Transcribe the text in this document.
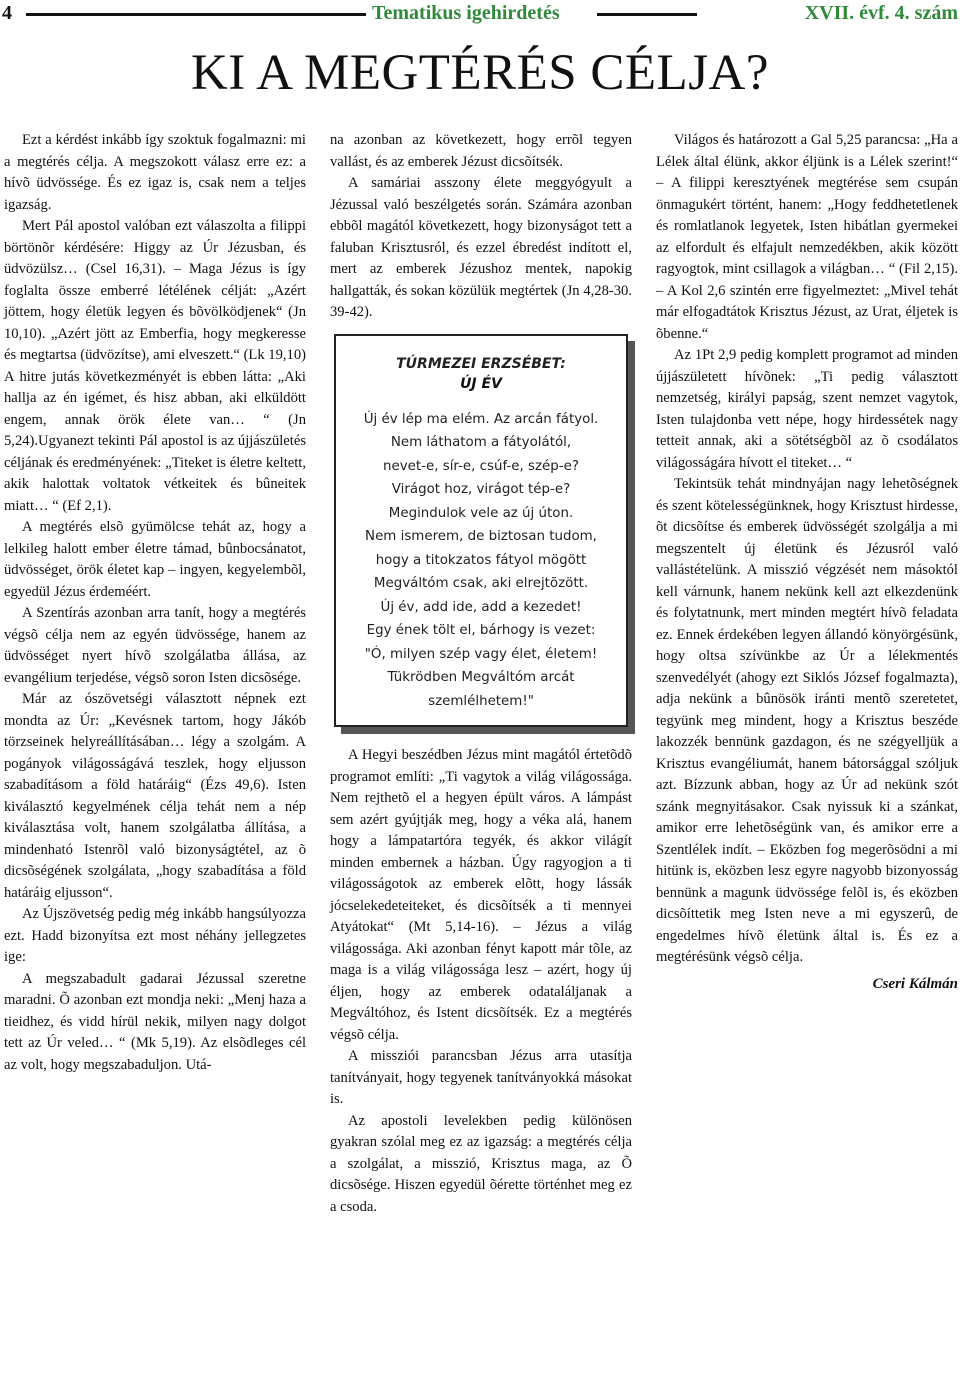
4	Tematikus igehirdetés	XVII. évf. 4. szám
KI A MEGTÉRÉS CÉLJA?

Ezt a kérdést inkább így szoktuk fogalmazni: mi a megtérés célja. A megszokott válasz erre ez: a hívõ üdvössége. És ez igaz is, csak nem a teljes igazság.

Mert Pál apostol valóban ezt válaszolta a filippi börtönõr kérdésére: Higgy az Úr Jézusban, és üdvözülsz… (Csel 16,31). – Maga Jézus is így foglalta össze emberré létélének célját: „Azért jöttem, hogy életük legyen és bõvölködjenek“ (Jn 10,10). „Azért jött az Emberfia, hogy megkeresse és megtartsa (üdvözítse), ami elveszett.“ (Lk 19,10) A hitre jutás következményét is ebben látta: „Aki hallja az én igémet, és hisz abban, aki elküldött engem, annak örök élete van… “ (Jn 5,24).Ugyanezt tekinti Pál apostol is az újjászületés céljának és eredményének: „Titeket is életre keltett, akik halottak voltatok vétkeitek és bûneitek miatt… “ (Ef 2,1).

A megtérés elsõ gyümölcse tehát az, hogy a lelkileg halott ember életre támad, bûnbocsánatot, üdvösséget, örök életet kap – ingyen, kegyelembõl, egyedül Jézus érdeméért.

A Szentírás azonban arra tanít, hogy a megtérés végsõ célja nem az egyén üdvössége, hanem az üdvösséget nyert hívõ szolgálatba állása, az evangélium terjedése, végsõ soron Isten dicsõsége.

Már az ószövetségi választott népnek ezt mondta az Úr: „Kevésnek tartom, hogy Jákób törzseinek helyreállításában… légy a szolgám. A pogányok világosságává teszlek, hogy eljusson szabadításom a föld határáig“ (Ézs 49,6). Isten kiválasztó kegyelmének célja tehát nem a nép kiválasztása volt, hanem szolgálatba állítása, a mindenható Istenrõl való bizonyságtétel, az õ dicsõségének szolgálata, „hogy szabadítása a föld határáig eljusson“.

Az Újszövetség pedig még inkább hangsúlyozza ezt. Hadd bizonyítsa ezt most néhány jellegzetes ige:

A megszabadult gadarai Jézussal szeretne maradni. Õ azonban ezt mondja neki: „Menj haza a tieidhez, és vidd hírül nekik, milyen nagy dolgot tett az Úr veled… “ (Mk 5,19). Az elsõdleges cél az volt, hogy megszabaduljon. Utá-

na azonban az következett, hogy errõl tegyen vallást, és az emberek Jézust dicsõítsék.

A samáriai asszony élete meggyógyult a Jézussal való beszélgetés során. Számára azonban ebbõl magától következett, hogy bizonyságot tett a faluban Krisztusról, és ezzel ébredést indított el, mert az emberek Jézushoz mentek, napokig hallgatták, és sokan közülük megtértek (Jn 4,28-30. 39-42).

TÚRMEZEI ERZSÉBET:
ÚJ ÉV
Új év lép ma elém. Az arcán fátyol.
Nem láthatom a fátyolától,
nevet-e, sír-e, csúf-e, szép-e?
Virágot hoz, virágot tép-e?
Megindulok vele az új úton.
Nem ismerem, de biztosan tudom,
hogy a titokzatos fátyol mögött
Megváltóm csak, aki elrejtõzött.
Új év, add ide, add a kezedet!
Egy ének tölt el, bárhogy is vezet:
"Ó, milyen szép vagy élet, életem!
Tükrödben Megváltóm arcát szemlélhetem!"

A Hegyi beszédben Jézus mint magától értetõdõ programot említi: „Ti vagytok a világ világossága. Nem rejthetõ el a hegyen épült város. A lámpást sem azért gyújtják meg, hogy a véka alá, hanem hogy a lámpatartóra tegyék, és akkor világít minden embernek a házban. Úgy ragyogjon a ti világosságotok az emberek elõtt, hogy lássák jócselekedeteiteket, és dicsõítsék a ti mennyei Atyátokat“ (Mt 5,14-16). – Jézus a világ világossága. Aki azonban fényt kapott már tõle, az maga is a világ világossága lesz – azért, hogy új éljen, hogy az emberek odataláljanak a Megváltóhoz, és Istent dicsõítsék. Ez a megtérés végsõ célja.

A missziói parancsban Jézus arra utasítja tanítványait, hogy tegyenek tanítványokká másokat is.

Az apostoli levelekben pedig különösen gyakran szólal meg ez az igazság: a megtérés célja a szolgálat, a misszió, Krisztus maga, az Õ dicsõsége. Hiszen egyedül õérette történhet meg ez a csoda.

Világos és határozott a Gal 5,25 parancsa: „Ha a Lélek által élünk, akkor éljünk is a Lélek szerint!“ – A filippi keresztyének megtérése sem csupán önmagukért történt, hanem: „Hogy feddhetetlenek és romlatlanok legyetek, Isten hibátlan gyermekei az elfordult és elfajult nemzedékben, akik között ragyogtok, mint csillagok a világban… “ (Fil 2,15). – A Kol 2,6 szintén erre figyelmeztet: „Mivel tehát már elfogadtátok Krisztus Jézust, az Urat, éljetek is õbenne.“

Az 1Pt 2,9 pedig komplett programot ad minden újjászületett hívõnek: „Ti pedig választott nemzetség, királyi papság, szent nemzet vagytok, Isten tulajdonba vett népe, hogy hirdessétek nagy tetteit annak, aki a sötétségbõl az õ csodálatos világosságára hívott el titeket… “

Tekintsük tehát mindnyájan nagy lehetõségnek és szent kötelességünknek, hogy Krisztust hirdesse, õt dicsõítse és emberek üdvösségét szolgálja a mi megszentelt új életünk és Jézusról való vallástételünk. A misszió végzését nem másoktól kell várnunk, hanem nekünk kell azt elkezdenünk és folytatnunk, mert minden megtért hívõ feladata ez. Ennek érdekében legyen állandó könyörgésünk, hogy oltsa szívünkbe az Úr a lélekmentés szenvedélyét (ahogy ezt Siklós József fogalmazta), adja nekünk a bûnösök iránti mentõ szeretetet, tegyünk meg mindent, hogy a Krisztus beszéde lakozzék bennünk gazdagon, és ne szégyelljük a Krisztus evangéliumát, hanem bátorsággal szóljuk azt. Bízzunk abban, hogy az Úr ad nekünk szót szánk megnyitásakor. Csak nyissuk ki a szánkat, amikor erre lehetõségünk van, és amikor erre a Szentlélek indít. – Eközben fog megerõsödni a mi hitünk is, eközben lesz egyre nagyobb bizonyosság bennünk a magunk üdvössége felõl is, és eközben dicsõíttetik meg Isten neve a mi egyszerû, de engedelmes hívõ életünk által is. És ez a megtérésünk végsõ célja.

Cseri Kálmán
